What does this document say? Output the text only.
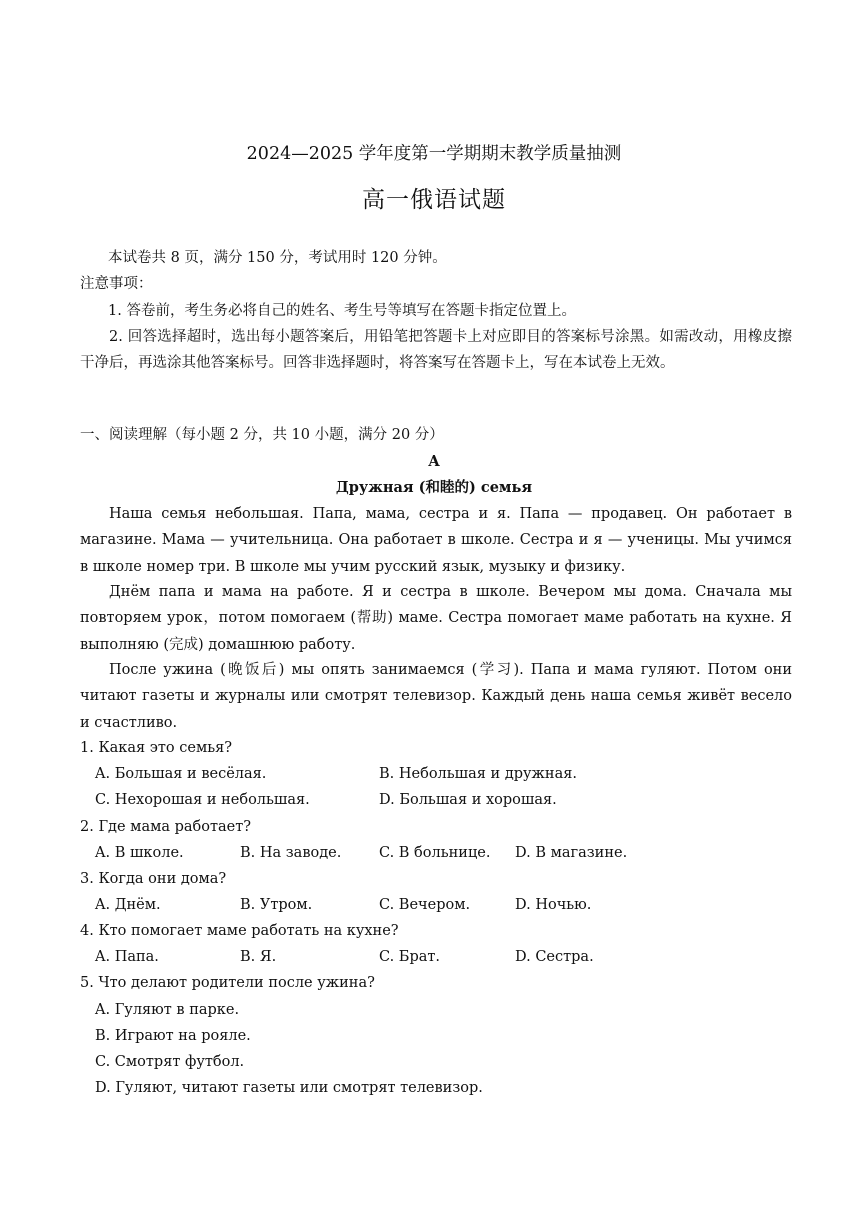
2024—2025 学年度第一学期期末教学质量抽测
高一俄语试题
本试卷共 8 页，满分 150 分，考试用时 120 分钟。
注意事项：
1. 答卷前，考生务必将自己的姓名、考生号等填写在答题卡指定位置上。
2. 回答选择超时，选出每小题答案后，用铅笔把答题卡上对应即目的答案标号涂黑。如需改动，用橡皮擦干净后，再选涂其他答案标号。回答非选择题时，将答案写在答题卡上，写在本试卷上无效。
一、阅读理解（每小题 2 分，共 10 小题，满分 20 分）
A
Дружная (和睦的) семья
Наша семья небольшая. Папа, мама, сестра и я. Папа — продавец. Он работает в магазине. Мама — учительница. Она работает в школе. Сестра и я — ученицы. Мы учимся в школе номер три. В школе мы учим русский язык, музыку и физику.
Днём папа и мама на работе. Я и сестра в школе. Вечером мы дома. Сначала мы повторяем урок，потом помогаем (帮助) маме. Сестра помогает маме работать на кухне. Я выполняю (完成) домашнюю работу.
После ужина (晚饭后) мы опять занимаемся (学习). Папа и мама гуляют. Потом они читают газеты и журналы или смотрят телевизор. Каждый день наша семья живёт весело и счастливо.
1. Какая это семья?
A. Большая и весёлая.	B. Небольшая и дружная.
C. Нехорошая и небольшая.	D. Большая и хорошая.
2. Где мама работает?
A. В школе.	B. На заводе.	C. В больнице. D. В магазине.
3. Когда они дома?
A. Днём.	B. Утром.	C. Вечером.	D. Ночью.
4. Кто помогает маме работать на кухне?
A. Папа.	B. Я.	C. Брат.	D. Сестра.
5. Что делают родители после ужина?
A. Гуляют в парке.
B. Играют на рояле.
C. Смотрят футбол.
D. Гуляют, читают газеты или смотрят телевизор.
